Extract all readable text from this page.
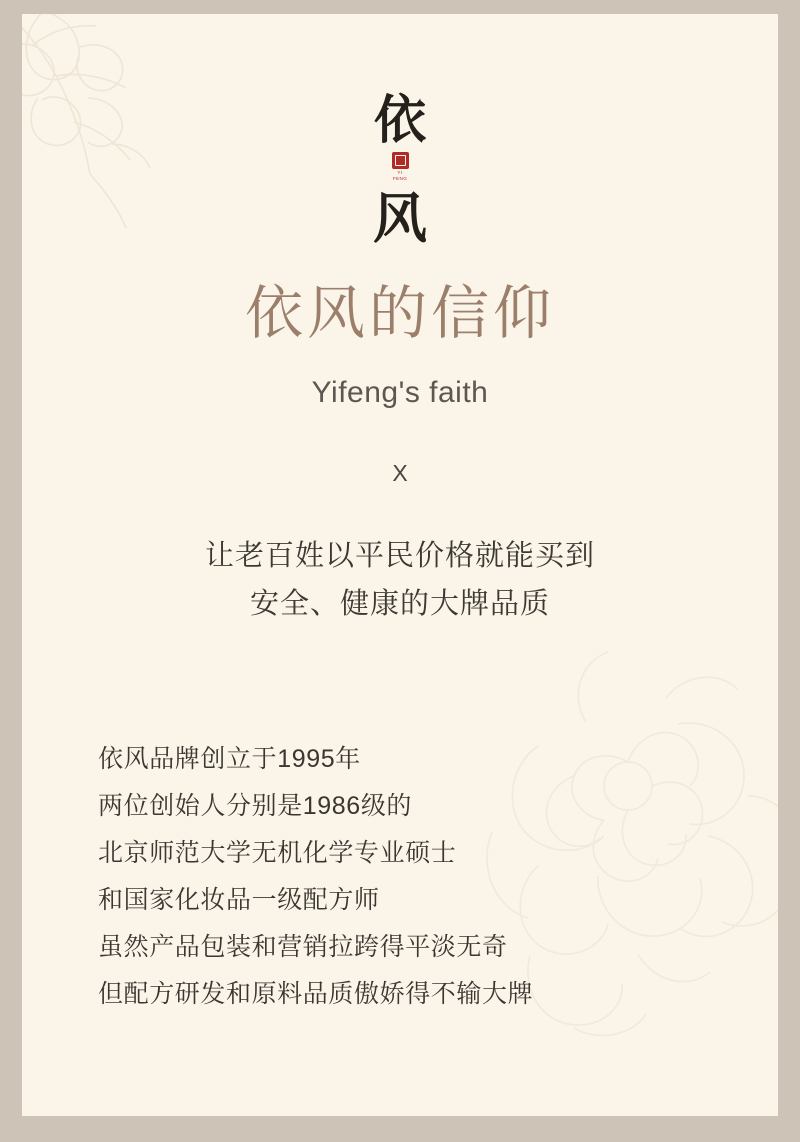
依
YI
FENG
风
依风的信仰
Yifeng's faith
X
让老百姓以平民价格就能买到
安全、健康的大牌品质
依风品牌创立于1995年
两位创始人分别是1986级的
北京师范大学无机化学专业硕士
和国家化妆品一级配方师
虽然产品包装和营销拉跨得平淡无奇
但配方研发和原料品质傲娇得不输大牌
